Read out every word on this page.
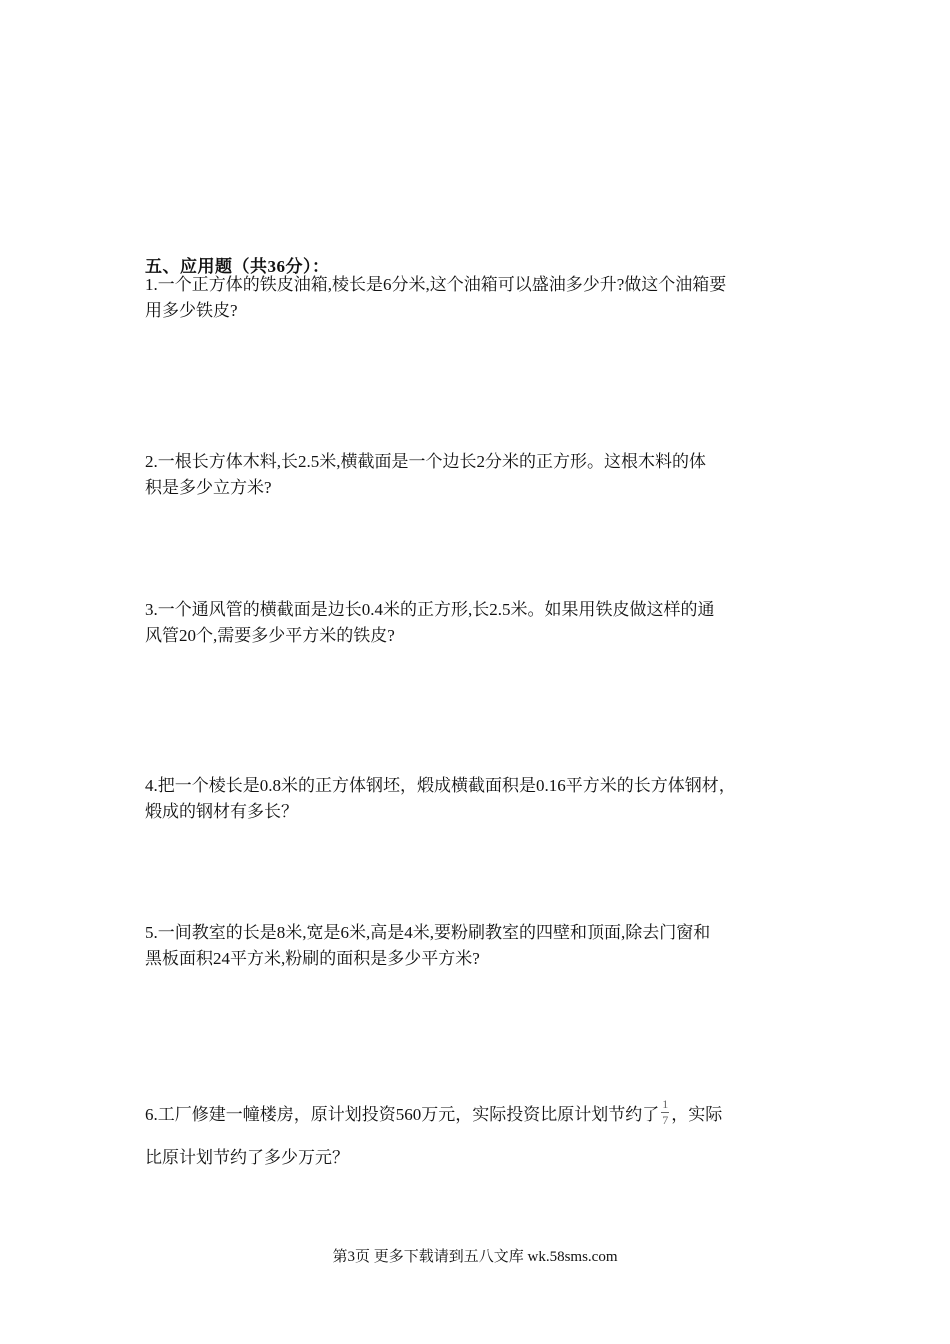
五、应用题（共36分）：
1.一个正方体的铁皮油箱,棱长是6分米,这个油箱可以盛油多少升?做这个油箱要
用多少铁皮?
2.一根长方体木料,长2.5米,横截面是一个边长2分米的正方形。这根木料的体
积是多少立方米?
3.一个通风管的横截面是边长0.4米的正方形,长2.5米。如果用铁皮做这样的通
风管20个,需要多少平方米的铁皮?
4.把一个棱长是0.8米的正方体钢坯，煅成横截面积是0.16平方米的长方体钢材，
煅成的钢材有多长？
5.一间教室的长是8米,宽是6米,高是4米,要粉刷教室的四壁和顶面,除去门窗和
黑板面积24平方米,粉刷的面积是多少平方米?
6.工厂修建一幢楼房，原计划投资560万元，实际投资比原计划节约了 $\frac{1}{7}$ ，实际
比原计划节约了多少万元？
第3页 更多下载请到五八文库 wk.58sms.com
